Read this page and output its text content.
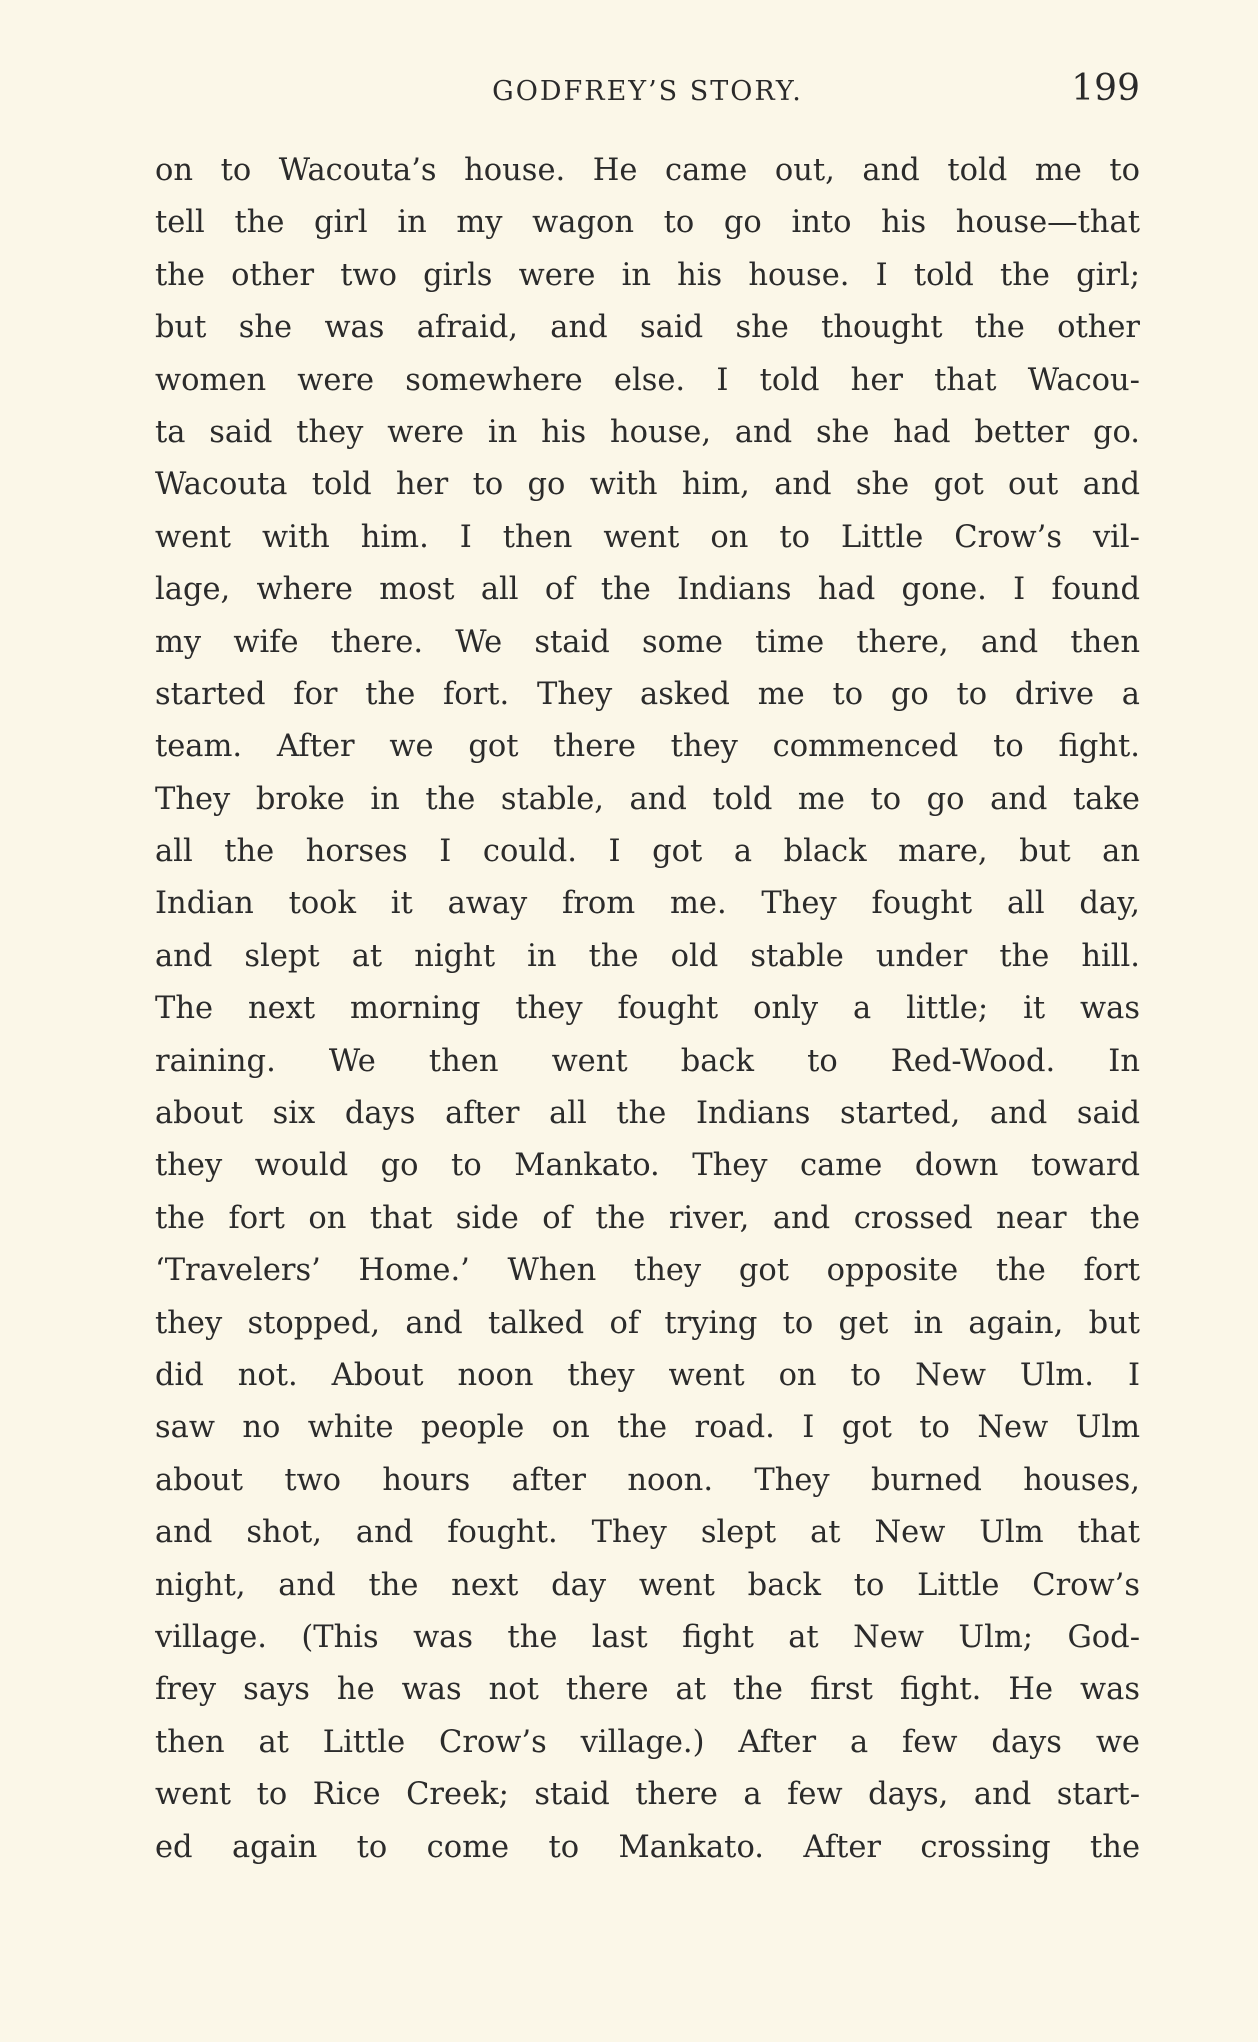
GODFREY’S STORY.	199
on to Wacouta’s house. He came out, and told me to
tell the girl in my wagon to go into his house—that
the other two girls were in his house. I told the girl;
but she was afraid, and said she thought the other
women were somewhere else. I told her that Wacou-
ta said they were in his house, and she had better go.
Wacouta told her to go with him, and she got out and
went with him. I then went on to Little Crow’s vil-
lage, where most all of the Indians had gone. I found
my wife there. We staid some time there, and then
started for the fort. They asked me to go to drive a
team. After we got there they commenced to fight.
They broke in the stable, and told me to go and take
all the horses I could. I got a black mare, but an
Indian took it away from me. They fought all day,
and slept at night in the old stable under the hill.
The next morning they fought only a little; it was
raining. We then went back to Red-Wood. In
about six days after all the Indians started, and said
they would go to Mankato. They came down toward
the fort on that side of the river, and crossed near the
‘Travelers’ Home.’ When they got opposite the fort
they stopped, and talked of trying to get in again, but
did not. About noon they went on to New Ulm. I
saw no white people on the road. I got to New Ulm
about two hours after noon. They burned houses,
and shot, and fought. They slept at New Ulm that
night, and the next day went back to Little Crow’s
village. (This was the last fight at New Ulm; God-
frey says he was not there at the first fight. He was
then at Little Crow’s village.) After a few days we
went to Rice Creek; staid there a few days, and start-
ed again to come to Mankato. After crossing the
